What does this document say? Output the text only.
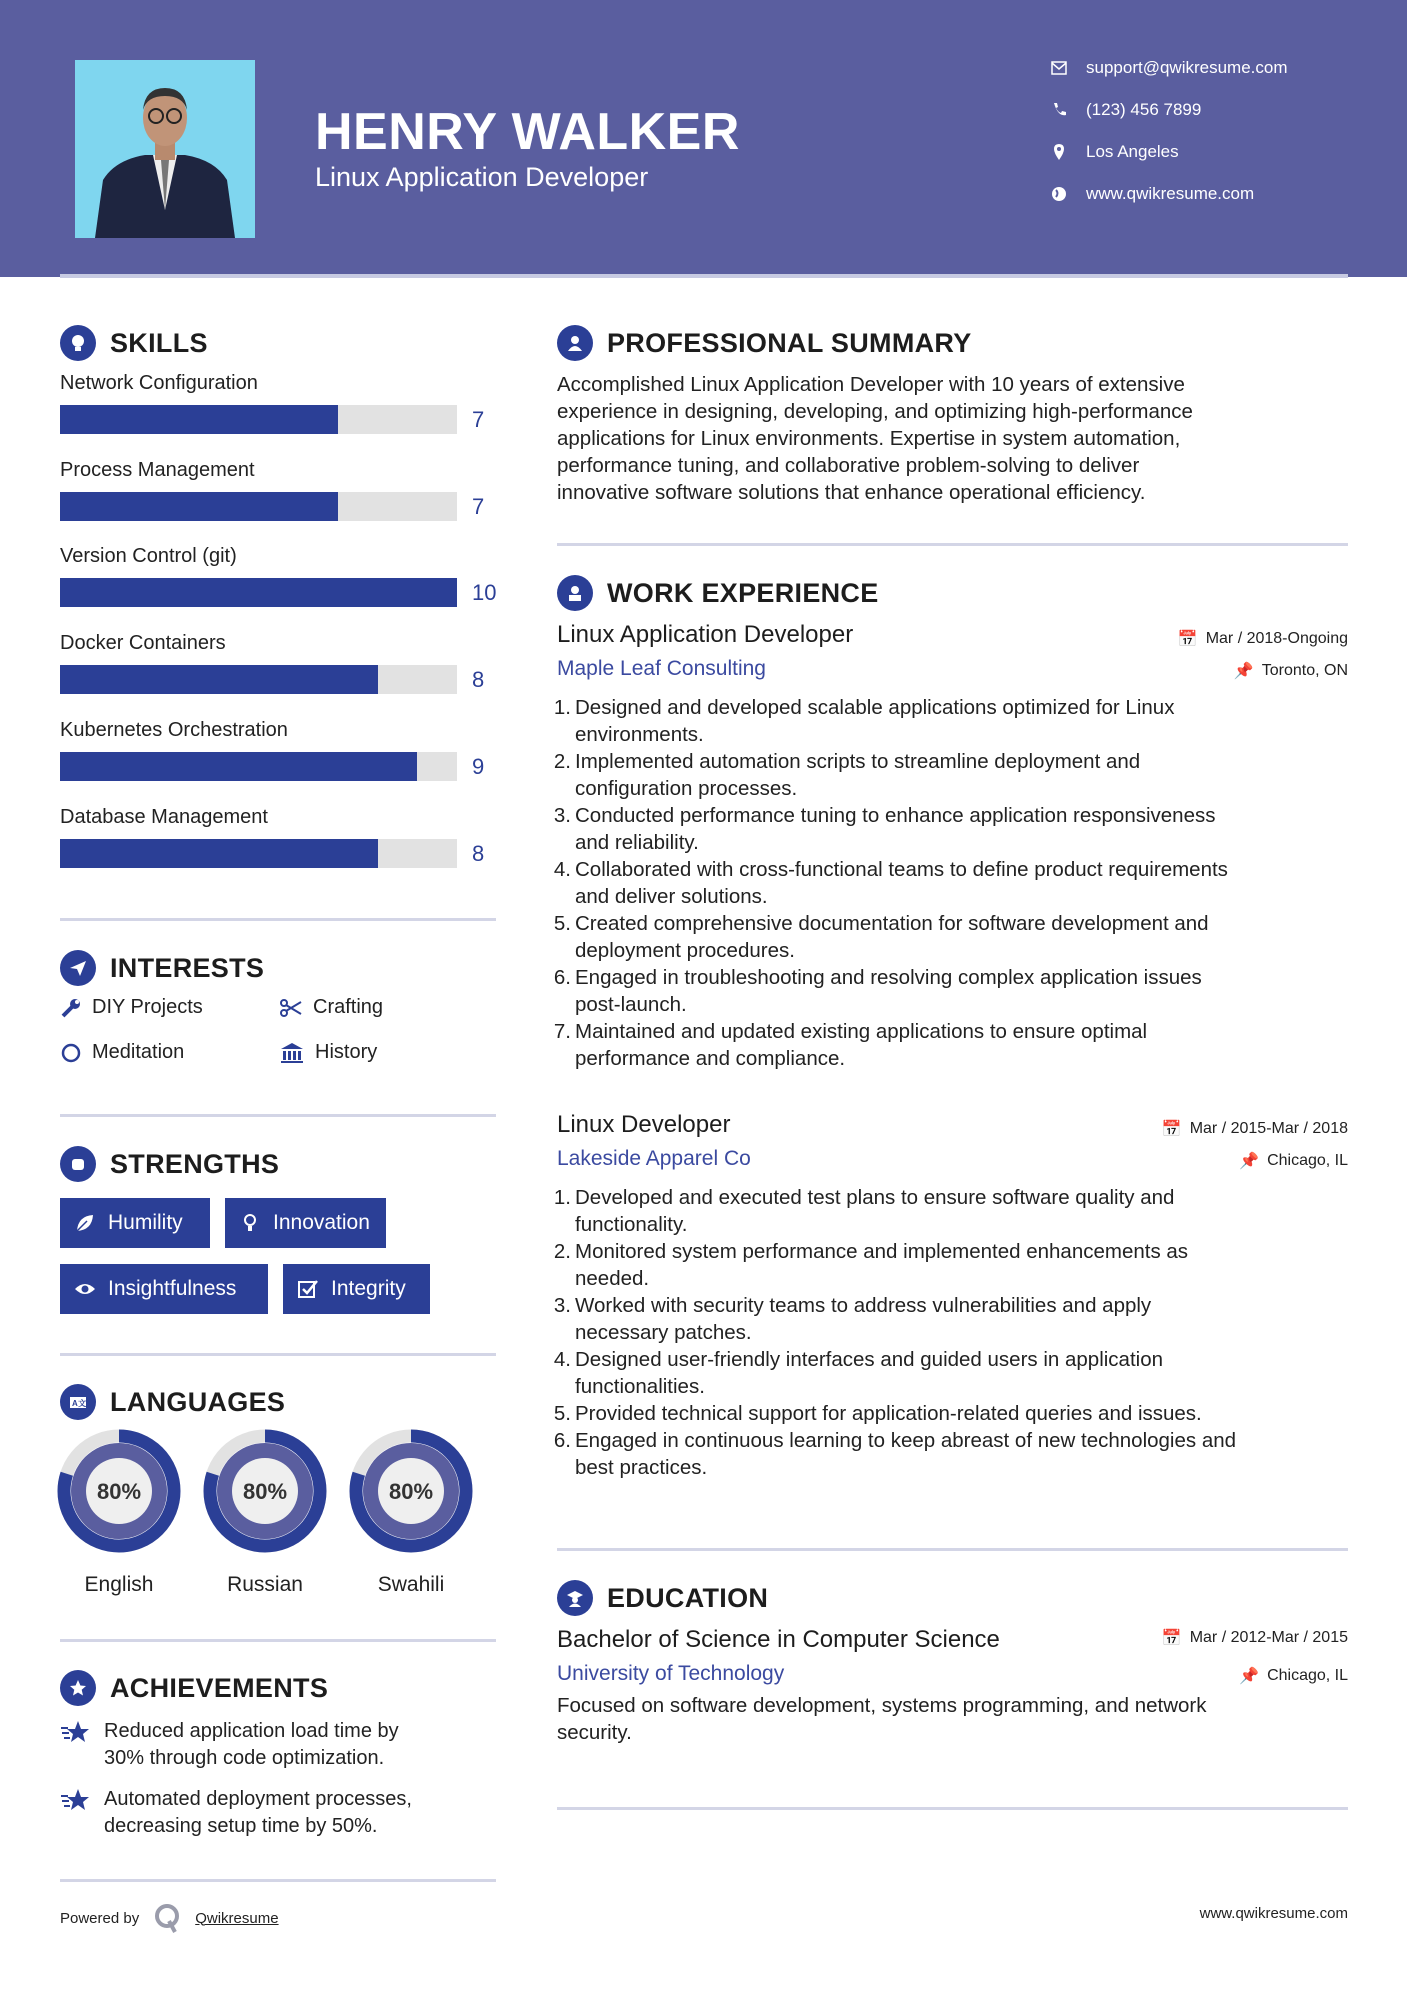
HENRY WALKER
Linux Application Developer
SKILLS
Network Configuration
7
Process Management
7
Version Control (git)
10
Docker Containers
8
Kubernetes Orchestration
9
Database Management
8
INTERESTS
DIY Projects	Crafting
Meditation	History
STRENGTHS
A文 LANGUAGES
ACHIEVEMENTS
Reduced application load time by
30% through code optimization.
Automated deployment processes,
decreasing setup time by 50%.
Powered by	Qwikresume	www.qwikresume.com
PROFESSIONAL SUMMARY
Accomplished Linux Application Developer with 10 years of extensive
experience in designing, developing, and optimizing high-performance
applications for Linux environments. Expertise in system automation,
performance tuning, and collaborative problem-solving to deliver
innovative software solutions that enhance operational efficiency.
WORK EXPERIENCE
EDUCATION
Bachelor of Science in Computer Science
University of Technology
📅 Mar / 2012-Mar / 2015
📌 Chicago, IL
Focused on software development, systems programming, and network
security.
support@qwikresume.com
(123) 456 7899
Los Angeles
www.qwikresume.com
Humility	Innovation
Insightfulness	Integrity
80%
English
80%
Russian
80%
Swahili
Linux Application Developer
Maple Leaf Consulting
📅 Mar / 2018-Ongoing
📌 Toronto, ON
1. Designed and developed scalable applications optimized for Linux
environments.
2. Implemented automation scripts to streamline deployment and
configuration processes.
3. Conducted performance tuning to enhance application responsiveness
and reliability.
4. Collaborated with cross-functional teams to define product requirements
and deliver solutions.
5. Created comprehensive documentation for software development and
deployment procedures.
6. Engaged in troubleshooting and resolving complex application issues
post-launch.
7. Maintained and updated existing applications to ensure optimal
performance and compliance.
Linux Developer
Lakeside Apparel Co
📅 Mar / 2015-Mar / 2018
📌 Chicago, IL
1. Developed and executed test plans to ensure software quality and
functionality.
2. Monitored system performance and implemented enhancements as
needed.
3. Worked with security teams to address vulnerabilities and apply
necessary patches.
4. Designed user-friendly interfaces and guided users in application
functionalities.
5. Provided technical support for application-related queries and issues.
6. Engaged in continuous learning to keep abreast of new technologies and
best practices.
